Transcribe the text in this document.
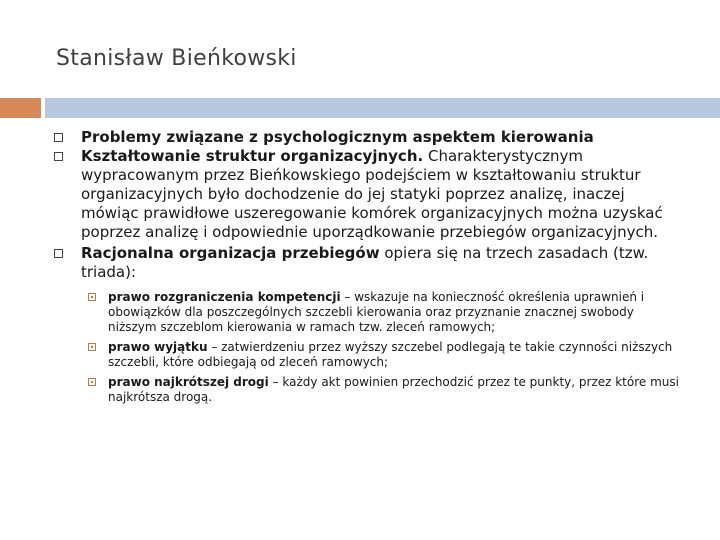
Stanisław Bieńkowski

Problemy związane z psychologicznym aspektem kierowania

Kształtowanie struktur organizacyjnych. Charakterystycznym wypracowanym przez Bieńkowskiego podejściem w kształtowaniu struktur organizacyjnych było dochodzenie do jej statyki poprzez analizę, inaczej mówiąc prawidłowe uszeregowanie komórek organizacyjnych można uzyskać poprzez analizę i odpowiednie uporządkowanie przebiegów organizacyjnych.

Racjonalna organizacja przebiegów opiera się na trzech zasadach (tzw. triada):

prawo rozgraniczenia kompetencji – wskazuje na konieczność określenia uprawnień i obowiązków dla poszczególnych szczebli kierowania oraz przyznanie znacznej swobody niższym szczeblom kierowania w ramach tzw. zleceń ramowych;
prawo wyjątku – zatwierdzeniu przez wyższy szczebel podlegają te takie czynności niższych szczebli, które odbiegają od zleceń ramowych;
prawo najkrótszej drogi – każdy akt powinien przechodzić przez te punkty, przez które musi najkrótsza drogą.
